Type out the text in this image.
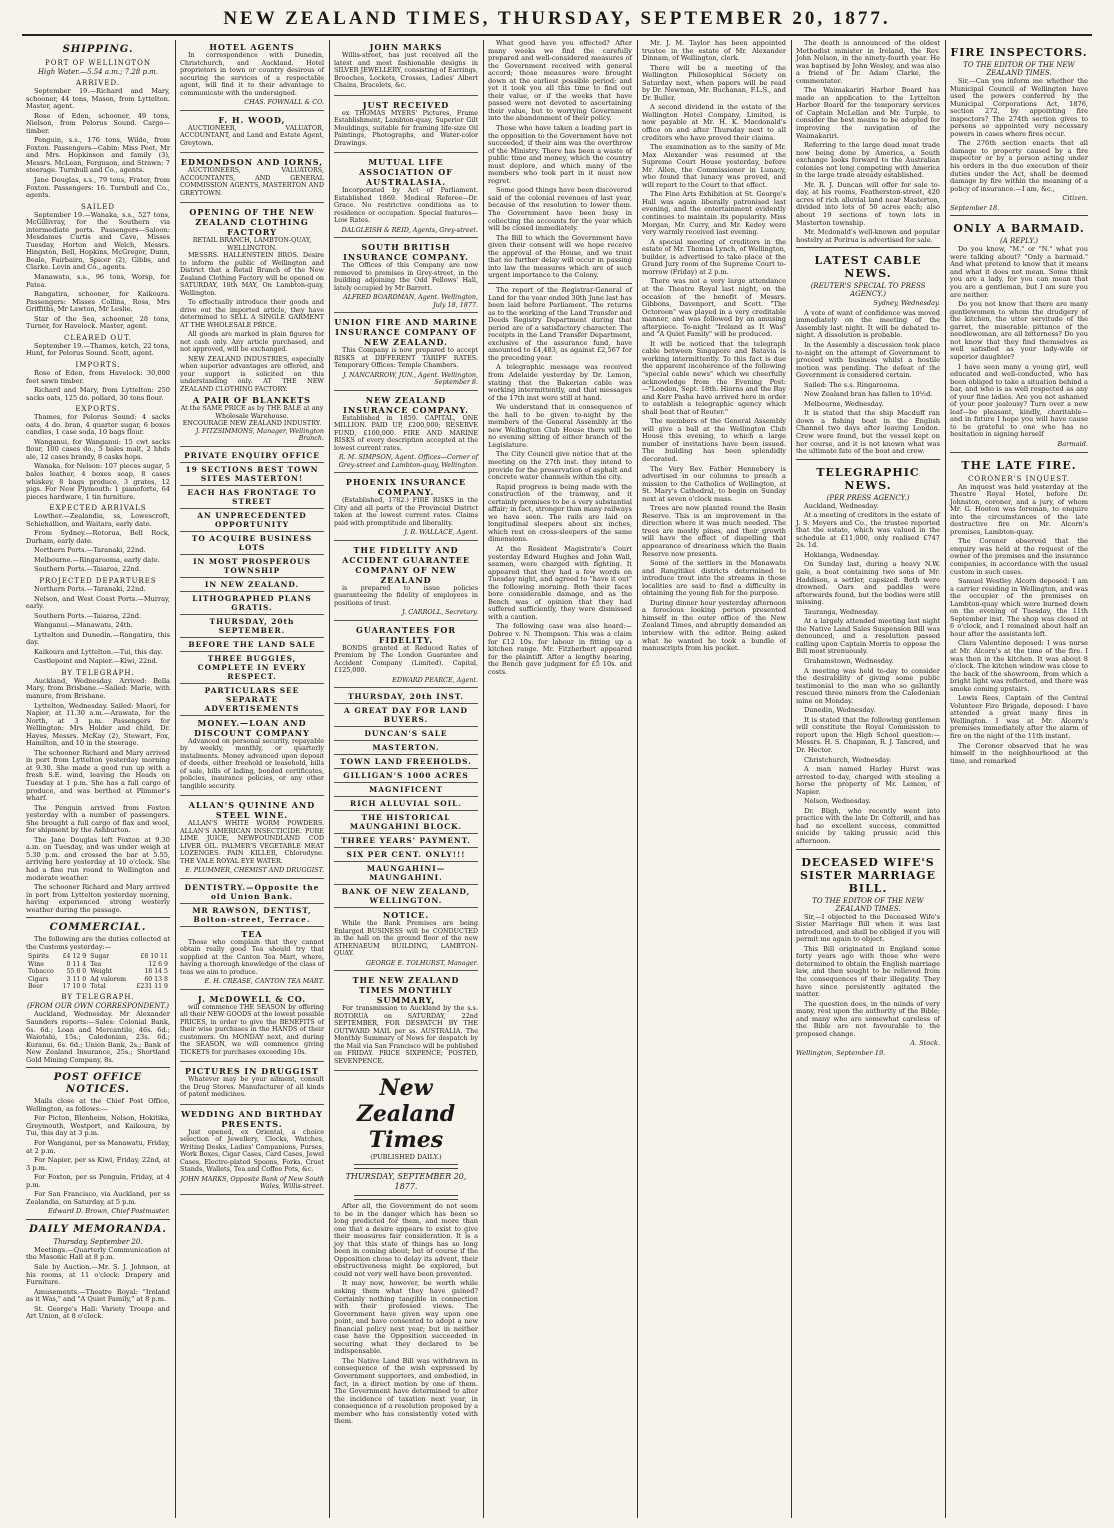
NEW ZEALAND TIMES, THURSDAY, SEPTEMBER 20, 1877.
SHIPPING.
PORT OF WELLINGTON
High Water.—5.54 a.m.; 7.28 p.m.
ARRIVED.
September 19.—Richard and Mary, schooner, 44 tons, Mason, from Lyttelton. Master, agent.
Rose of Eden, schooner, 49 tons, Nielson, from Pelorus Sound. Cargo—timber.
Penguin, s.s., 176 tons, Wilde, from Foxton. Passengers—Cabin: Miss Peet, Mr and Mrs. Hopkinson and family (3), Messrs. McLean, Ferguson, and Strawn; 7 steerage. Turnbull and Co., agents.
Jane Douglas, s.s., 79 tons, Frater, from Foxton. Passengers: 16. Turnbull and Co., agents.
SAILED
September 19.—Wanaka, s.s., 527 tons, McGillivray, for the Southern via intermediate ports. Passengers—Saloon: Mesdames Curtis and Cave, Misses Tuesday, Horton and Welch, Messrs. Hingston, Bell, Hopkins, McGregor, Dunn, Beale, Fairbairn, Spicer (2), Gibbs, and Clarke. Levin and Co., agents.
Manawatu, s.s., 96 tons, Worsp, for Patea.
Rangatira, schooner, for Kaikoura. Passengers: Misses Collins, Ross, Mrs Griffiths, Mr Lawton, Mr Leslie.
Star of the Sea, schooner, 28 tons, Turner, for Havelock. Master, agent.
CLEARED OUT.
September 19.—Thames, ketch, 22 tons, Hunt, for Pelorus Sound. Scott, agent.
IMPORTS.
Rose of Eden, from Havelock: 30,000 feet sawn timber.
Richard and Mary, from Lyttelton: 250 sacks oats, 125 do. pollard, 30 tons flour.
EXPORTS.
Thames, for Pelorus Sound: 4 sacks oats, 4 do. bran, 4 quarter sugar, 6 boxes candles, 1 case soda, 10 bags flour.
Wanganui, for Wanganui: 15 cwt sacks flour, 100 cases do., 5 bales malt, 2 hhds ale, 12 cases brandy, 8 casks hops.
Wanaka, for Nelson: 107 pieces sugar, 5 bales leather, 4 boxes soap, 8 cases whiskey, 8 bags produce, 3 grates, 12 pigs. For New Plymouth: 1 pianoforte, 64 pieces hardware, 1 tin furniture.
EXPECTED ARRIVALS
Lowther.—Zealandia, ss, Lowescroft, Schiehallion, and Waitara, early date.
From Sydney.—Rotorua, Bell Rock, Durham, early date.
Northern Ports.—Taranaki, 22nd.
Melbourne.—Ringarooma, early date.
Southern Ports.—Taiaroa, 22nd.
PROJECTED DEPARTURES
Northern Ports.—Taranaki, 22nd.
Nelson, and West Coast Ports.—Murray, early.
Southern Ports.—Taiaroa, 22nd.
Wanganui.—Manawatu, 24th.
Lyttelton and Dunedin.—Rangatira, this day.
Kaikoura and Lyttelton.—Tui, this day.
Castlepoint and Napier.—Kiwi, 22nd.
BY TELEGRAPH.
Auckland, Wednesday. Arrived: Bella Mary, from Brisbane.—Sailed: Marie, with manure, from Brisbane.
Lyttelton, Wednesday. Sailed: Maori, for Napier, at 11.30 a.m.—Arawata, for the North, at 3 p.m. Passengers for Wellington: Mrs Holder and child, Dr. Hayes, Messrs. McKay (2), Stewart, Fox, Hamilton, and 10 in the steerage.
The schooner Richard and Mary arrived in port from Lyttelton yesterday morning at 9.30. She made a good run up with a fresh S.E. wind, leaving the Heads on Tuesday at 1 p.m. She has a full cargo of produce, and was berthed at Plimmer's wharf.
The Penguin arrived from Foxton yesterday with a number of passengers. She brought a full cargo of flax and wool, for shipment by the Ashburton.
The Jane Douglas left Foxton at 9.30 a.m. on Tuesday, and was under weigh at 5.30 p.m. and crossed the bar at 5.55, arriving here yesterday at 10 o'clock. She had a fine run round to Wellington and moderate weather.
The schooner Richard and Mary arrived in port from Lyttelton yesterday morning, having experienced strong westerly weather during the passage.
COMMERCIAL.
The following are the duties collected at the Customs yesterday:—
Spirits	£4 12 9	Sugar	£8 10 11
Wine	0 11 4	Tea	12 6 9
Tobacco	55 8 0	Weight	18 14 5
Cigars	3 11 0	Ad valorem	60 13 8
Beer	17 10 0	Total	£231 11 9
BY TELEGRAPH.
(FROM OUR OWN CORRESPONDENT.)
Auckland, Wednesday. Mr Alexander Saunders reports:—Sales: Colonial Bank, 6s. 6d.; Loan and Mercantile, 46s. 6d.; Waiotahi, 15s.; Caledonian, 23s. 6d.; Kuranui, 6s. 6d.; Union Bank, 2s.; Bank of New Zealand Insurance, 25s.; Shortland Gold Mining Company, 8s.
POST OFFICE NOTICES.
Mails close at the Chief Post Office, Wellington, as follows:—
For Picton, Blenheim, Nelson, Hokitika, Greymouth, Westport, and Kaikoura, by Tui, this day at 3 p.m.
For Wanganui, per ss Manawatu, Friday, at 2 p.m.
For Napier, per ss Kiwi, Friday, 22nd, at 3 p.m.
For Foxton, per ss Penguin, Friday, at 4 p.m.
For San Francisco, via Auckland, per ss Zealandia, on Saturday, at 5 p.m.
Edward D. Brown, Chief Postmaster.
DAILY MEMORANDA.
Thursday, September 20.
Meetings.—Quarterly Communication at the Masonic Hall at 8 p.m.
Sale by Auction.—Mr. S. J. Johnson, at his rooms, at 11 o'clock: Drapery and Furniture.
Amusements.—Theatre Royal: "Ireland as it Was," and "A Quiet Family," at 8 p.m.
St. George's Hall: Variety Troupe and Art Union, at 8 o'clock.
HOTEL AGENTS
In correspondence with Dunedin, Christchurch, and Auckland. Hotel proprietors in town or country desirous of securing the services of a respectable agent, will find it to their advantage to communicate with the undersigned.
CHAS. FOWNALL & CO.
F. H. WOOD,
AUCTIONEER, VALUATOR, ACCOUNTANT, and Land and Estate Agent, Greytown.
EDMONDSON AND IORNS,
AUCTIONEERS, VALUATORS, ACCOUNTANTS, AND GENERAL COMMISSION AGENTS, MASTERTON AND GREYTOWN.
OPENING OF THE NEW ZEALAND CLOTHING FACTORY
RETAIL BRANCH, LAMBTON-QUAY, WELLINGTON.
MESSRS. HALLENSTEIN BROS. Desire to inform the public of Wellington and District that a Retail Branch of the New Zealand Clothing Factory will be opened on SATURDAY, 18th MAY, On Lambton-quay, Wellington.
To effectually introduce their goods and drive out the imported article, they have determined to SELL A SINGLE GARMENT AT THE WHOLESALE PRICE.
All goods are marked in plain figures for net cash only. Any article purchased, and not approved, will be exchanged.
NEW ZEALAND INDUSTRIES, especially when superior advantages are offered, and your support is solicited on this understanding only. AT THE NEW ZEALAND CLOTHING FACTORY.
A PAIR OF BLANKETS
At the SAME PRICE as by THE BALE at any Wholesale Warehouse.
ENCOURAGE NEW ZEALAND INDUSTRY.
J. FITZSIMMONS, Manager, Wellington Branch.
PRIVATE ENQUIRY OFFICE
19 SECTIONS BEST TOWN SITES MASTERTON!
EACH HAS FRONTAGE TO STREET
AN UNPRECEDENTED OPPORTUNITY
TO ACQUIRE BUSINESS LOTS
IN MOST PROSPEROUS TOWNSHIP
IN NEW ZEALAND.
LITHOGRAPHED PLANS GRATIS.
THURSDAY, 20th SEPTEMBER.
BEFORE THE LAND SALE
THREE BUGGIES, COMPLETE IN EVERY RESPECT.
PARTICULARS SEE SEPARATE ADVERTISEMENTS
MONEY.—LOAN AND DISCOUNT COMPANY
Advanced on personal security, repayable by weekly, monthly, or quarterly instalments. Money advanced upon deposit of deeds, either freehold or leasehold, bills of sale, bills of lading, bonded certificates, policies, insurance policies, or any other tangible security.
ALLAN'S QUININE AND STEEL WINE.
ALLAN'S WHITE WORM POWDERS. ALLAN'S AMERICAN INSECTICIDE. PURE LIME JUICE, NEWFOUNDLAND COD LIVER OIL. PALMER'S VEGETABLE MEAT LOZENGES. PAIN KILLER, Chlorodyne. THE VALE ROYAL EYE WATER.
E. PLUMMER, CHEMIST AND DRUGGIST.
DENTISTRY.—Opposite the old Union Bank.
MR RAWSON, DENTIST, Bolton-street, Terrace.
TEA
Those who complain that they cannot obtain really good Tea should try that supplied at the Canton Tea Mart, where, having a thorough knowledge of the class of teas we aim to produce.
E. H. CREASE, CANTON TEA MART.
J. McDOWELL & CO.
will commence THE SEASON by offering all their NEW GOODS at the lowest possible PRICES, in order to give the BENEFITS of their wise purchases in the HANDS of their customers. On MONDAY next, and during the SEASON, we will commence giving TICKETS for purchases exceeding 10s.
PICTURES IN DRUGGIST
Whatever may be your ailment, consult the Drug Stores. Manufacturer of all kinds of patent medicines.
WEDDING AND BIRTHDAY PRESENTS.
Just opened, ex Oriental, a choice selection of Jewellery, Clocks, Watches, Writing Desks, Ladies' Companions, Purses, Work Boxes, Cigar Cases, Card Cases, Jewel Cases, Electro-plated Spoons, Forks, Cruet Stands, Wallets, Tea and Coffee Pots, &c.
JOHN MARKS, Opposite Bank of New South Wales, Willis-street.
JOHN MARKS
Willis-street, has just received all the latest and most fashionable designs in SILVER JEWELLERY, consisting of Earrings, Brooches, Lockets, Crosses, Ladies' Albert Chains, Bracelets, &c.
JUST RECEIVED
ex THOMAS MYERS' Pictures, Frame Establishment, Lambton-quay, Superior Gilt Mouldings, suitable for framing life-size Oil Paintings, Photographs, and Water-color Drawings.
MUTUAL LIFE ASSOCIATION OF AUSTRALASIA.
Incorporated by Act of Parliament. Established 1869. Medical Referee—Dr. Grace. No restrictive conditions as to residence or occupation. Special features—Low Rates.
DALGLEISH & REID, Agents, Grey-street.
SOUTH BRITISH INSURANCE COMPANY.
The Offices of this Company are now removed to premises in Grey-street, in the building adjoining the Odd Fellows' Hall, lately occupied by Mr Barrett.
ALFRED BOARDMAN, Agent. Wellington, July 18, 1877.
UNION FIRE AND MARINE INSURANCE COMPANY OF NEW ZEALAND.
This Company is now prepared to accept RISKS at DIFFERENT TARIFF RATES. Temporary Offices: Temple Chambers.
J. NANCARROW, JUN., Agent. Wellington, September 8.
NEW ZEALAND INSURANCE COMPANY.
Established in 1859. CAPITAL, ONE MILLION. PAID UP, £200,000; RESERVE FUND, £100,000. FIRE AND MARINE RISKS of every description accepted at the lowest current rates.
R. M. SIMPSON, Agent. Offices—Corner of Grey-street and Lambton-quay, Wellington.
PHOENIX INSURANCE COMPANY.
(Established, 1782.) FIRE RISKS in the City and all parts of the Provincial District taken at the lowest current rates. Claims paid with promptitude and liberality.
J. R. WALLACE, Agent.
THE FIDELITY AND ACCIDENT GUARANTEE COMPANY OF NEW ZEALAND
is prepared to issue policies guaranteeing the fidelity of employees in positions of trust.
J. CARROLL, Secretary.
GUARANTEES FOR FIDELITY.
BONDS granted at Reduced Rates of Premium by The London Guarantee and Accident Company (Limited). Capital, £125,000.
EDWARD PEARCE, Agent.
THURSDAY, 20th INST.
A GREAT DAY FOR LAND BUYERS.
DUNCAN'S SALE
MASTERTON.
TOWN LAND FREEHOLDS.
GILLIGAN'S 1000 ACRES
MAGNIFICENT
RICH ALLUVIAL SOIL.
THE HISTORICAL MAUNGAHINI BLOCK.
THREE YEARS' PAYMENT.
SIX PER CENT. ONLY!!!
MAUNGAHINI—MAUNGAHINI.
BANK OF NEW ZEALAND, WELLINGTON.
NOTICE.
While the Bank Premises are being Enlarged BUSINESS will be CONDUCTED in the hall on the ground floor of the new ATHENAEUM BUILDING, LAMBTON-QUAY.
GEORGE E. TOLHURST, Manager.
THE NEW ZEALAND TIMES MONTHLY SUMMARY,
For transmission to Auckland by the s.s. ROTORUA on SATURDAY, 22nd SEPTEMBER, FOR DESPATCH BY THE OUTWARD MAIL per ss. AUSTRALIA. The Monthly Summary of News for despatch by the Mail via San Francisco will be published on FRIDAY. PRICE SIXPENCE; POSTED, SEVENPENCE.
New Zealand Times
(PUBLISHED DAILY.)
THURSDAY, SEPTEMBER 20, 1877.
After all, the Government do not seem to be in the danger which has been so long predicted for them, and more than one that a desire appears to exist to give their measures fair consideration. It is a joy that this state of things has so long been in coming about; but of course if the Opposition chose to delay its advent, their obstructiveness might be explored, but could not very well have been prevented.
It may now, however, be worth while asking them what they have gained? Certainly nothing tangible in connection with their professed views. The Government have given way upon one point, and have consented to adopt a new financial policy next year; but in neither case have the Opposition succeeded in securing what they declared to be indispensable.
The Native Land Bill was withdrawn in consequence of the wish expressed by Government supporters, and embodied, in fact, in a direct motion by one of them. The Government have determined to alter the incidence of taxation next year, in consequence of a resolution proposed by a member who has consistently voted with them.
What good have you effected? After many weeks we find the carefully prepared and well-considered measures of the Government received with general accord; those measures were brought down at the earliest possible period; and yet it took you all this time to find out their value, or if the weeks that have passed were not devoted to ascertaining their value, but to worrying Government into the abandonment of their policy.
Those who have taken a leading part in the opposition to the Government have not succeeded, if their aim was the overthrow of the Ministry. There has been a waste of public time and money, which the country must deplore, and which many of the members who took part in it must now regret.
Some good things have been discovered said of the colonial revenues of last year, because of the resolution to lower them. The Government have been busy in collecting the accounts for the year which will be closed immediately.
The Bill to which the Government have given their consent will we hope receive the approval of the House, and we trust that no further delay will occur in passing into law the measures which are of such urgent importance to the Colony.
The report of the Registrar-General of Land for the year ended 30th June last has been laid before Parliament. The returns as to the working of the Land Transfer and Deeds Registry Department during that period are of a satisfactory character. The receipts in the Land Transfer Department, exclusive of the assurance fund, have amounted to £4,483, as against £2,567 for the preceding year.
A telegraphic message was received from Adelaide yesterday by Dr. Lemon, stating that the Bakerian cable was working intermittently, and that messages of the 17th inst were still at hand.
We understand that in consequence of the hall to be given to-night by the members of the General Assembly at the new Wellington Club House there will be no evening sitting of either branch of the Legislature.
The City Council give notice that at the meeting on the 27th inst. they intend to provide for the preservation of asphalt and concrete water channels within the city.
Rapid progress is being made with the construction of the tramway, and it certainly promises to be a very substantial affair; in fact, stronger than many railways we have seen. The rails are laid on longitudinal sleepers about six inches, which rest on cross-sleepers of the same dimensions.
At the Resident Magistrate's Court yesterday Edward Hughes and John Wall, seamen, were charged with fighting. It appeared that they had a few words on Tuesday night, and agreed to "have it out" the following morning. Both their faces bore considerable damage, and as the Bench was of opinion that they had suffered sufficiently, they were dismissed with a caution.
The following case was also heard:—Dobree v. N. Thompson. This was a claim for £12 10s. for labour in fitting up a kitchen range. Mr. Fitzherbert appeared for the plaintiff. After a lengthy hearing, the Bench gave judgment for £5 10s. and costs.
Mr. J. M. Taylor has been appointed trustee in the estate of Mr. Alexander Dinnam, of Wellington, clerk.
There will be a meeting of the Wellington Philosophical Society on Saturday next, when papers will be read by Dr. Newman, Mr. Buchanan, F.L.S., and Dr. Buller.
A second dividend in the estate of the Wellington Hotel Company, Limited, is now payable at Mr. H. K. Macdonald's office on and after Thursday next to all creditors who have proved their claims.
The examination as to the sanity of Mr. Max Alexander was resumed at the Supreme Court House yesterday, before Mr. Allen, the Commissioner in Lunacy, who found that lunacy was proved, and will report to the Court to that effect.
The Fine Arts Exhibition at St. George's Hall was again liberally patronised last evening, and the entertainment evidently continues to maintain its popularity. Miss Morgan, Mr. Curry, and Mr. Kedey were very warmly received last evening.
A special meeting of creditors in the estate of Mr. Thomas Lynch, of Wellington, builder, is advertised to take place at the Grand Jury room of the Supreme Court to-morrow (Friday) at 2 p.m.
There was not a very large attendance at the Theatre Royal last night, on the occasion of the benefit of Messrs. Gibbons, Davenport, and Scott. "The Octoroon" was played in a very creditable manner, and was followed by an amusing afterpiece. To-night "Ireland as It Was" and "A Quiet Family" will be produced.
It will be noticed that the telegraph cable between Singapore and Batavia is working intermittently. To this fact is due the apparent incoherence of the following "special cable news" which we cheerfully acknowledge from the Evening Post:—"London, Sept. 18th. Hiorns and the Bay and Kerr Pasha have arrived here in order to establish a telegraphic agency which shall beat that of Reuter."
The members of the General Assembly will give a ball at the Wellington Club House this evening, to which a large number of invitations have been issued. The building has been splendidly decorated.
The Very Rev. Father Hennebery is advertised in our columns to preach a mission to the Catholics of Wellington, at St. Mary's Cathedral, to begin on Sunday next at seven o'clock mass.
Trees are now planted round the Basin Reserve. This is an improvement in the direction where it was much needed. The trees are mostly pines, and their growth will have the effect of dispelling that appearance of dreariness which the Basin Reserve now presents.
Some of the settlers in the Manawatu and Rangitikei districts determined to introduce trout into the streams in those localities are said to find a difficulty in obtaining the young fish for the purpose.
During dinner hour yesterday afternoon a ferocious looking person presented himself in the outer office of the New Zealand Times, and abruptly demanded an interview with the editor. Being asked what he wanted he took a bundle of manuscripts from his pocket.
The death is announced of the oldest Methodist minister in Ireland, the Rev. John Nelson, in the ninety-fourth year. He was baptised by John Wesley, and was also a friend of Dr. Adam Clarke, the commentator.
The Waimakariri Harbor Board has made an application to the Lyttelton Harbor Board for the temporary services of Captain McLellan and Mr. Turple, to consider the best means to be adopted for improving the navigation of the Waimakariri.
Referring to the large dead meat trade now being done by America, a South exchange looks forward to the Australian colonies not long competing with America in the large trade already established.
Mr. R. J. Duncan will offer for sale to-day, at his rooms, Featherston-street, 420 acres of rich alluvial land near Masterton, divided into lots of 50 acres each; also about 19 sections of town lots in Masterton township.
Mr. Mcdonald's well-known and popular hostelry at Porirua is advertised for sale.
LATEST CABLE NEWS.
(REUTER'S SPECIAL TO PRESS AGENCY.)
Sydney, Wednesday.
A vote of want of confidence was moved immediately on the meeting of the Assembly last night. It will be debated to-night. A dissolution is probable.
In the Assembly a discussion took place to-night on the attempt of Government to proceed with business whilst a hostile motion was pending. The defeat of the Government is considered certain.
Sailed: The s.s. Ringarooma.
New Zealand bran has fallen to 10½d.
Melbourne, Wednesday.
It is stated that the ship Macduff ran down a fishing boat in the English Channel two days after leaving London. Crew were found, but the vessel kept on her course, and it is not known what was the ultimate fate of the boat and crew.
TELEGRAPHIC NEWS.
(PER PRESS AGENCY.)
Auckland, Wednesday.
At a meeting of creditors in the estate of J. S. Meyers and Co., the trustee reported that the estate, which was valued in the schedule at £11,000, only realised £747 2s. 1d.
Hokianga, Wednesday.
On Sunday last, during a heavy N.W. gale, a boat containing two sons of Mr. Haddison, a settler, capsized. Both were drowned. Oars and paddles were afterwards found, but the bodies were still missing.
Tauranga, Wednesday.
At a largely attended meeting last night the Native Land Sales Suspension Bill was denounced, and a resolution passed calling upon Captain Morris to oppose the Bill most strenuously.
Grahamstown, Wednesday.
A meeting was held to-day to consider the desirability of giving some public testimonial to the man who so gallantly rescued three miners from the Caledonian mine on Monday.
Dunedin, Wednesday.
It is stated that the following gentlemen will constitute the Royal Commission to report upon the High School question:—Messrs. H. S. Chapman, R. J. Tancred, and Dr. Hector.
Christchurch, Wednesday.
A man named Harley Hurst was arrested to-day, charged with stealing a horse the property of Mr. Lemon, of Napier.
Nelson, Wednesday.
Dr. Bligh, who recently went into practice with the late Dr. Cotterill, and has had no excellent success, committed suicide by taking prussic acid this afternoon.
DECEASED WIFE'S SISTER MARRIAGE BILL.
TO THE EDITOR OF THE NEW ZEALAND TIMES.
Sir,—I objected to the Deceased Wife's Sister Marriage Bill when it was last introduced, and shall be obliged if you will permit me again to object.
This Bill originated in England some forty years ago with those who were determined to obtain the English marriage law, and then sought to be relieved from the consequences of their illegality. They have since persistently agitated the matter.
The question does, in the minds of very many, rest upon the authority of the Bible; and many who are somewhat careless of the Bible are not favourable to the proposed change.
A. Stock.
Wellington, September 19.
FIRE INSPECTORS.
TO THE EDITOR OF THE NEW ZEALAND TIMES.
Sir,—Can you inform me whether the Municipal Council of Wellington have used the powers conferred by the Municipal Corporations Act, 1876, section 272, by appointing fire inspectors? The 274th section gives to persons so appointed very necessary powers in cases where fires occur.
The 276th section enacts that all damage to property caused by a fire inspector or by a person acting under his orders in the due execution of their duties under the Act, shall be deemed damage by fire within the meaning of a policy of insurance.—I am, &c.,
Citizen.
September 18.
ONLY A BARMAID.
(A REPLY.)
Do you know, "M." or "N." what you were talking about? "Only a barmaid." And what pretend to know that it means and what it does not mean. Some think you are a lady, for you can mean that you are a gentleman, but I am sure you are neither.
Do you not know that there are many gentlewomen to whom the drudgery of the kitchen, the utter servitude of the garret, the miserable pittance of the needlewoman, are all bitterness? Do you not know that they find themselves as well satisfied as your lady-wife or superior daughter?
I have seen many a young girl, well educated and well-conducted, who has been obliged to take a situation behind a bar, and who is as well respected as any of your fine ladies. Are you not ashamed of your poor jealousy? Turn over a new leaf—be pleasant, kindly, charitable—and in future I hope you will have cause to be grateful to one who has no hesitation in signing herself
Barmaid.
THE LATE FIRE.
CORONER'S INQUEST.
An inquest was held yesterday at the Theatre Royal Hotel, before Dr. Johnston, coroner, and a jury, of whom Mr. G. Hooton was foreman, to enquire into the circumstances of the late destructive fire on Mr. Alcorn's premises, Lambton-quay.
The Coroner observed that the enquiry was held at the request of the owner of the premises and the insurance companies, in accordance with the usual custom in such cases.
Samuel Westley Alcorn deposed: I am a carrier residing in Wellington, and was the occupier of the premises on Lambton-quay which were burned down on the evening of Tuesday, the 11th September inst. The shop was closed at 6 o'clock, and I remained about half an hour after the assistants left.
Clara Valentine deposed: I was nurse at Mr. Alcorn's at the time of the fire. I was then in the kitchen. It was about 8 o'clock. The kitchen window was close to the back of the showroom, from which a bright light was reflected, and there was smoke coming upstairs.
Lewis Rees, Captain of the Central Volunteer Fire Brigade, deposed: I have attended a great many fires in Wellington. I was at Mr. Alcorn's premises immediately after the alarm of fire on the night of the 11th instant.
The Coroner observed that he was himself in the neighbourhood at the time, and remarked
